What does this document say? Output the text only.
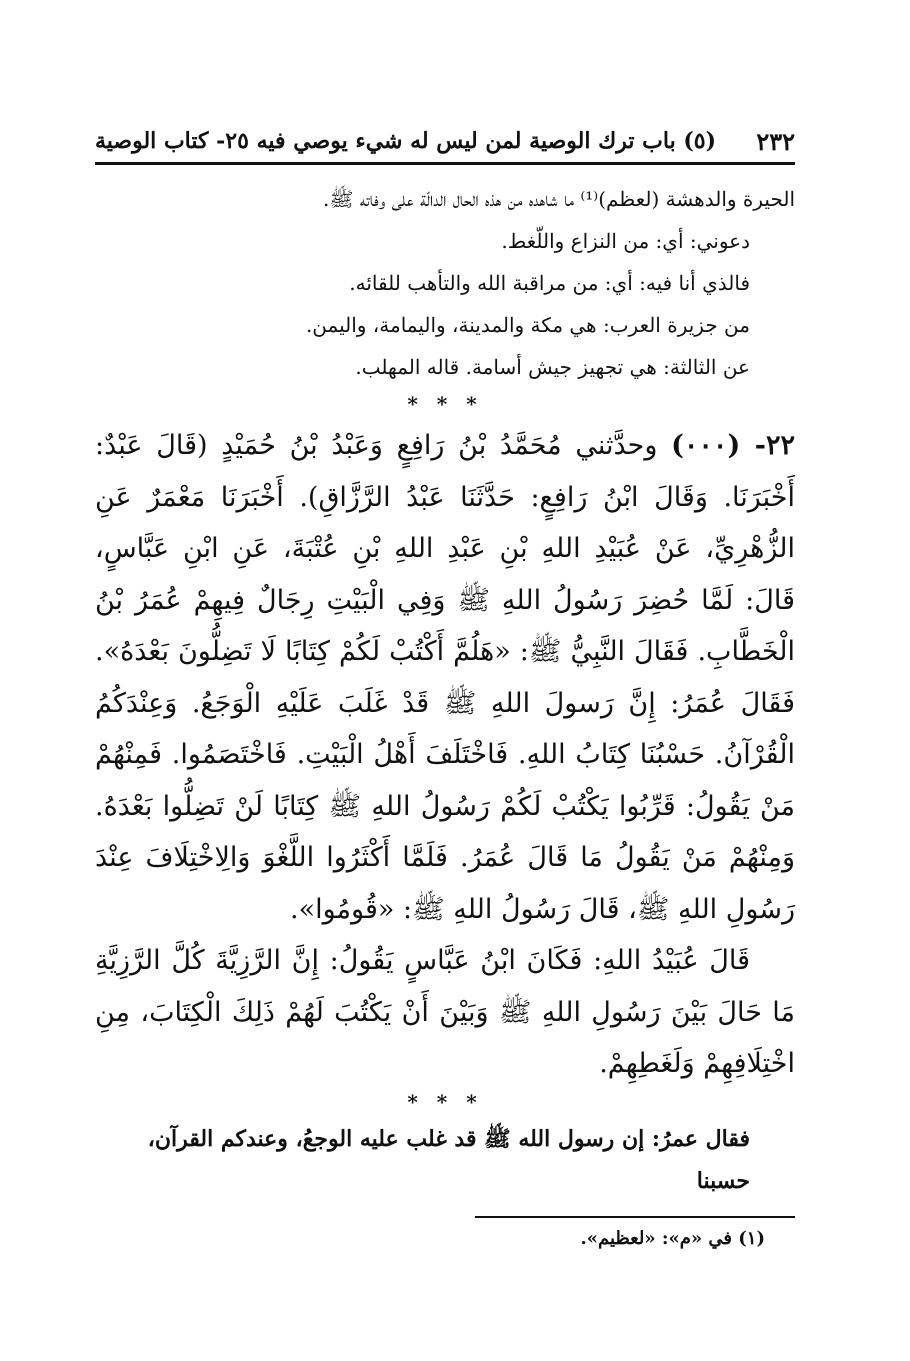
٢٣٢
(٥) باب ترك الوصية لمن ليس له شيء يوصي فيه ٢٥- كتاب الوصية

الحيرة والدهشة (لعظم)⁽¹⁾ ما شاهده من هذه الحال الدالّة على وفاته ﷺ.

دعوني: أي: من النزاع واللّغط.

فالذي أنا فيه: أي: من مراقبة الله والتأهب للقائه.

من جزيرة العرب: هي مكة والمدينة، واليمامة، واليمن.

عن الثالثة: هي تجهيز جيش أسامة. قاله المهلب.

* * *

٢٢- (٠٠٠) وحدَّثني مُحَمَّدُ بْنُ رَافِعٍ وَعَبْدُ بْنُ حُمَيْدٍ (قَالَ عَبْدٌ: أَخْبَرَنَا. وَقَالَ ابْنُ رَافِعٍ: حَدَّثَنَا عَبْدُ الرَّزَّاقِ). أَخْبَرَنَا مَعْمَرٌ عَنِ الزُّهْرِيِّ، عَنْ عُبَيْدِ اللهِ بْنِ عَبْدِ اللهِ بْنِ عُتْبَةَ، عَنِ ابْنِ عَبَّاسٍ، قَالَ: لَمَّا حُضِرَ رَسُولُ اللهِ ﷺ وَفِي الْبَيْتِ رِجَالٌ فِيهِمْ عُمَرُ بْنُ الْخَطَّابِ. فَقَالَ النَّبِيُّ ﷺ: «هَلُمَّ أَكْتُبْ لَكُمْ كِتَابًا لَا تَضِلُّونَ بَعْدَهُ». فَقَالَ عُمَرُ: إِنَّ رَسولَ اللهِ ﷺ قَدْ غَلَبَ عَلَيْهِ الْوَجَعُ. وَعِنْدَكُمُ الْقُرْآنُ. حَسْبُنَا كِتَابُ اللهِ. فَاخْتَلَفَ أَهْلُ الْبَيْتِ. فَاخْتَصَمُوا. فَمِنْهُمْ مَنْ يَقُولُ: قَرِّبُوا يَكْتُبْ لَكُمْ رَسُولُ اللهِ ﷺ كِتَابًا لَنْ تَضِلُّوا بَعْدَهُ. وَمِنْهُمْ مَنْ يَقُولُ مَا قَالَ عُمَرُ. فَلَمَّا أَكْثَرُوا اللَّغْوَ وَالِاخْتِلَافَ عِنْدَ رَسُولِ اللهِ ﷺ، قَالَ رَسُولُ اللهِ ﷺ: «قُومُوا».

قَالَ عُبَيْدُ اللهِ: فَكَانَ ابْنُ عَبَّاسٍ يَقُولُ: إِنَّ الرَّزِيَّةَ كُلَّ الرَّزِيَّةِ مَا حَالَ بَيْنَ رَسُولِ اللهِ ﷺ وَبَيْنَ أَنْ يَكْتُبَ لَهُمْ ذَلِكَ الْكِتَابَ، مِنِ اخْتِلَافِهِمْ وَلَغَطِهِمْ.

* * *

فقال عمرُ: إن رسول الله ﷺ قد غلب عليه الوجعُ، وعندكم القرآن، حسبنا

(١) في «م»: «لعظيم».
